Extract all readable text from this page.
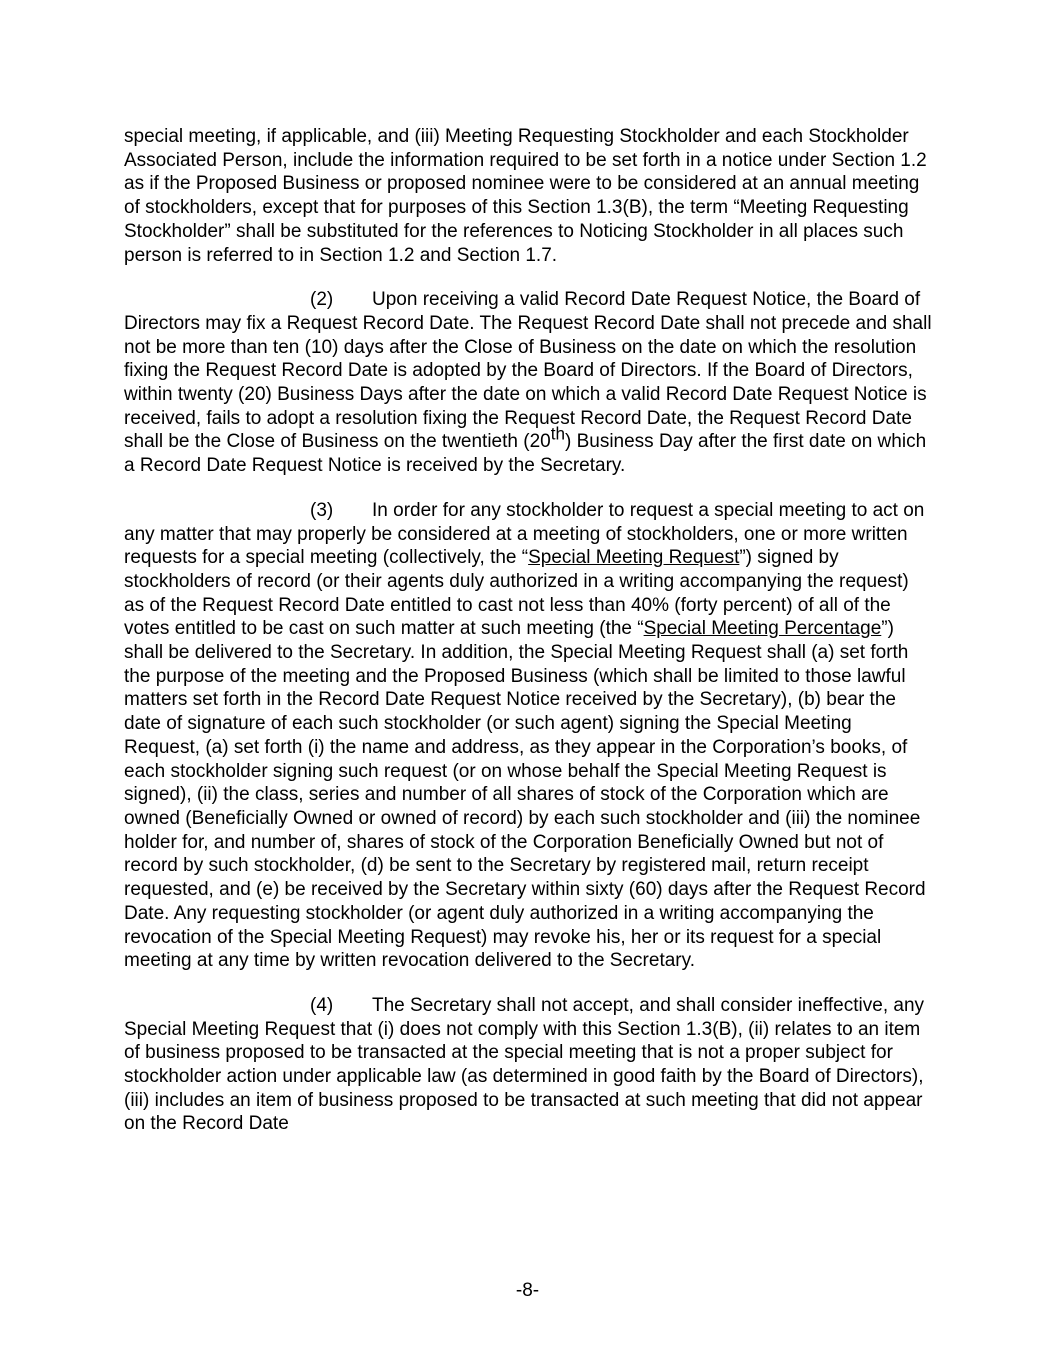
special meeting, if applicable, and (iii) Meeting Requesting Stockholder and each Stockholder Associated Person, include the information required to be set forth in a notice under Section 1.2 as if the Proposed Business or proposed nominee were to be considered at an annual meeting of stockholders, except that for purposes of this Section 1.3(B), the term “Meeting Requesting Stockholder” shall be substituted for the references to Noticing Stockholder in all places such person is referred to in Section 1.2 and Section 1.7.

(2) Upon receiving a valid Record Date Request Notice, the Board of Directors may fix a Request Record Date. The Request Record Date shall not precede and shall not be more than ten (10) days after the Close of Business on the date on which the resolution fixing the Request Record Date is adopted by the Board of Directors. If the Board of Directors, within twenty (20) Business Days after the date on which a valid Record Date Request Notice is received, fails to adopt a resolution fixing the Request Record Date, the Request Record Date shall be the Close of Business on the twentieth (20th) Business Day after the first date on which a Record Date Request Notice is received by the Secretary.

(3) In order for any stockholder to request a special meeting to act on any matter that may properly be considered at a meeting of stockholders, one or more written requests for a special meeting (collectively, the “Special Meeting Request”) signed by stockholders of record (or their agents duly authorized in a writing accompanying the request) as of the Request Record Date entitled to cast not less than 40% (forty percent) of all of the votes entitled to be cast on such matter at such meeting (the “Special Meeting Percentage”) shall be delivered to the Secretary. In addition, the Special Meeting Request shall (a) set forth the purpose of the meeting and the Proposed Business (which shall be limited to those lawful matters set forth in the Record Date Request Notice received by the Secretary), (b) bear the date of signature of each such stockholder (or such agent) signing the Special Meeting Request, (a) set forth (i) the name and address, as they appear in the Corporation’s books, of each stockholder signing such request (or on whose behalf the Special Meeting Request is signed), (ii) the class, series and number of all shares of stock of the Corporation which are owned (Beneficially Owned or owned of record) by each such stockholder and (iii) the nominee holder for, and number of, shares of stock of the Corporation Beneficially Owned but not of record by such stockholder, (d) be sent to the Secretary by registered mail, return receipt requested, and (e) be received by the Secretary within sixty (60) days after the Request Record Date. Any requesting stockholder (or agent duly authorized in a writing accompanying the revocation of the Special Meeting Request) may revoke his, her or its request for a special meeting at any time by written revocation delivered to the Secretary.

(4) The Secretary shall not accept, and shall consider ineffective, any Special Meeting Request that (i) does not comply with this Section 1.3(B), (ii) relates to an item of business proposed to be transacted at the special meeting that is not a proper subject for stockholder action under applicable law (as determined in good faith by the Board of Directors), (iii) includes an item of business proposed to be transacted at such meeting that did not appear on the Record Date

-8-
